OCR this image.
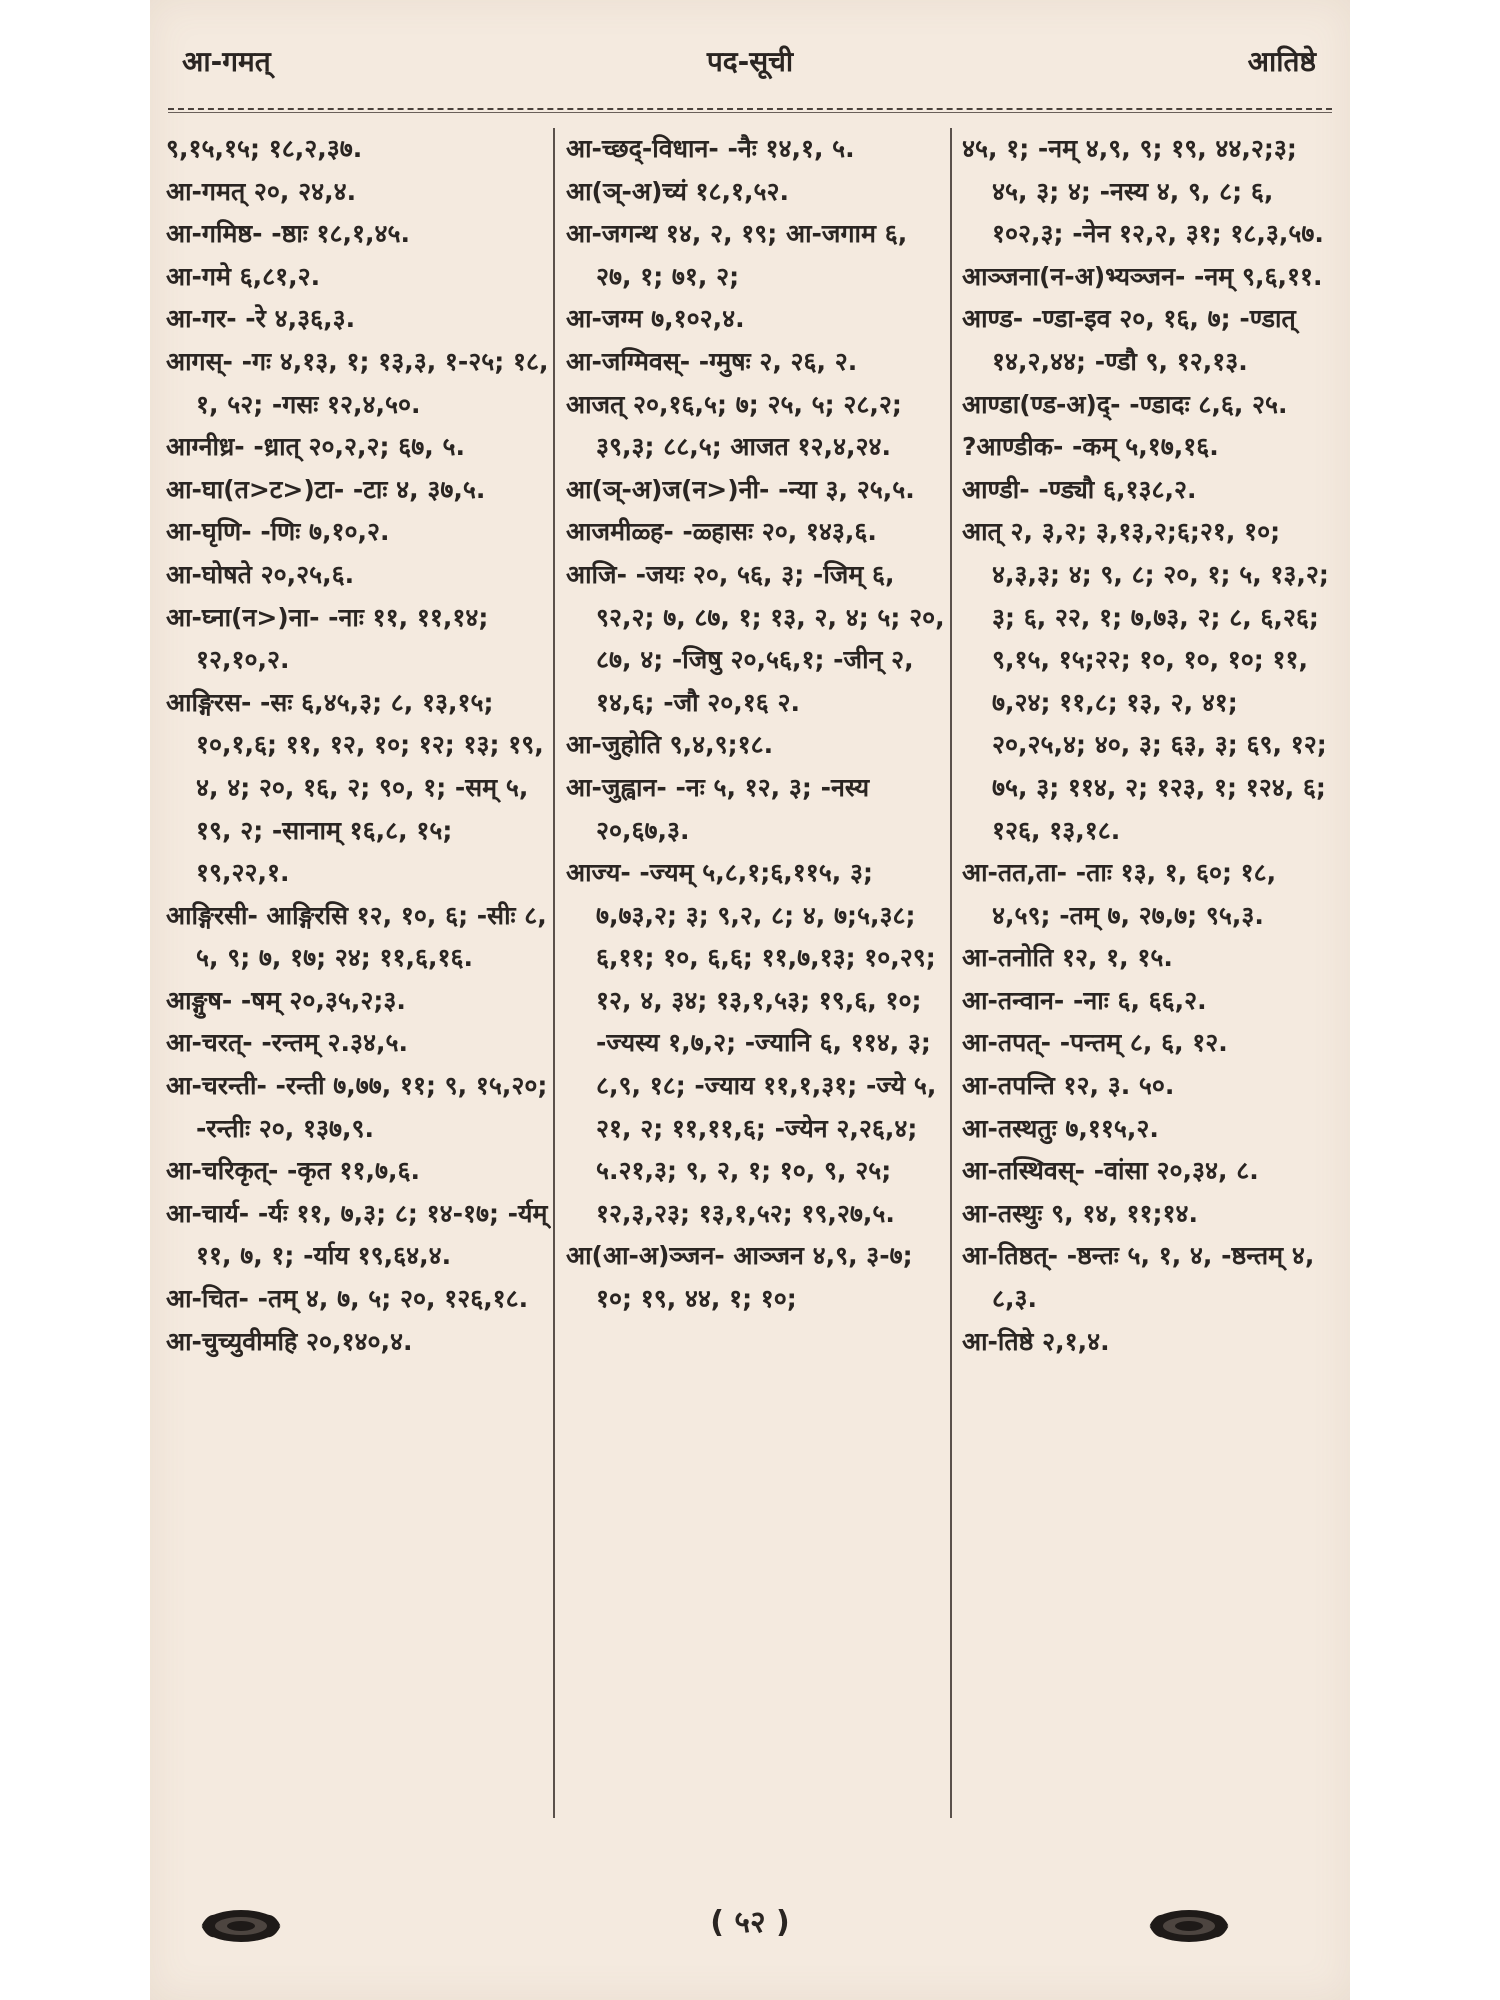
आ-गमत्	पद-सूची	आतिष्ठे

९,१५,१५; १८,२,३७.

आ-गमत् २०, २४,४.

आ-गमिष्ठ- -ष्ठाः १८,१,४५.

आ-गमे ६,८१,२.

आ-गर- -रे ४,३६,३.

आगस्- -गः ४,१३, १; १३,३, १-२५; १८, १, ५२; -गसः १२,४,५०.

आग्नीध्र- -ध्रात् २०,२,२; ६७, ५.

आ-घा(त>ट>)टा- -टाः ४, ३७,५.

आ-घृणि- -णिः ७,१०,२.

आ-घोषते २०,२५,६.

आ-घ्ना(न>)ना- -नाः ११, ११,१४; १२,१०,२.

आङ्गिरस- -सः ६,४५,३; ८, १३,१५; १०,१,६; ११, १२, १०; १२; १३; १९, ४, ४; २०, १६, २; ९०, १; -सम् ५, १९, २; -सानाम् १६,८, १५; १९,२२,१.

आङ्गिरसी- आङ्गिरसि १२, १०, ६; -सीः ८, ५, ९; ७, १७; २४; ११,६,१६.

आङ्गुष- -षम् २०,३५,२;३.

आ-चरत्- -रन्तम् २.३४,५.

आ-चरन्ती- -रन्ती ७,७७, ११; ९, १५,२०; -रन्तीः २०, १३७,९.

आ-चरिकृत्- -कृत ११,७,६.

आ-चार्य- -र्यः ११, ७,३; ८; १४-१७; -र्यम् ११, ७, १; -र्याय १९,६४,४.

आ-चित- -तम् ४, ७, ५; २०, १२६,१८.

आ-चुच्युवीमहि २०,१४०,४.

आ-च्छद्-विधान- -नैः १४,१, ५.

आ(ञ्-अ)च्यं १८,१,५२.

आ-जगन्थ १४, २, १९; आ-जगाम ६, २७, १; ७१, २;

आ-जग्म ७,१०२,४.

आ-जग्मिवस्- -ग्मुषः २, २६, २.

आजत् २०,१६,५; ७; २५, ५; २८,२; ३९,३; ८८,५; आजत १२,४,२४.

आ(ञ्-अ)ज(न>)नी- -न्या ३, २५,५.

आजमीळ्ह- -ळ्हासः २०, १४३,६.

आजि- -जयः २०, ५६, ३; -जिम् ६, ९२,२; ७, ८७, १; १३, २, ४; ५; २०, ८७, ४; -जिषु २०,५६,१; -जीन् २, १४,६; -जौ २०,१६ २.

आ-जुहोति ९,४,९;१८.

आ-जुह्वान- -नः ५, १२, ३; -नस्य २०,६७,३.

आज्य- -ज्यम् ५,८,१;६,११५, ३; ७,७३,२; ३; ९,२, ८; ४, ७;५,३८; ६,११; १०, ६,६; ११,७,१३; १०,२९; १२, ४, ३४; १३,१,५३; १९,६, १०; -ज्यस्य १,७,२; -ज्यानि ६, ११४, ३; ८,९, १८; -ज्याय ११,१,३१; -ज्ये ५, २१, २; ११,११,६; -ज्येन २,२६,४; ५.२१,३; ९, २, १; १०, ९, २५; १२,३,२३; १३,१,५२; १९,२७,५.

आ(आ-अ)ञ्जन- आञ्जन ४,९, ३-७; १०; १९, ४४, १; १०;

४५, १; -नम् ४,९, ९; १९, ४४,२;३; ४५, ३; ४; -नस्य ४, ९, ८; ६, १०२,३; -नेन १२,२, ३१; १८,३,५७.

आञ्जना(न-अ)भ्यञ्जन- -नम् ९,६,११.

आण्ड- -ण्डा-इव २०, १६, ७; -ण्डात् १४,२,४४; -ण्डौ ९, १२,१३.

आण्डा(ण्ड-अ)द्- -ण्डादः ८,६, २५.

?आण्डीक- -कम् ५,१७,१६.

आण्डी- -ण्ड्यौ ६,१३८,२.

आत् २, ३,२; ३,१३,२;६;२१, १०; ४,३,३; ४; ९, ८; २०, १; ५, १३,२; ३; ६, २२, १; ७,७३, २; ८, ६,२६; ९,१५, १५;२२; १०, १०, १०; ११, ७,२४; ११,८; १३, २, ४१; २०,२५,४; ४०, ३; ६३, ३; ६९, १२; ७५, ३; ११४, २; १२३, १; १२४, ६; १२६, १३,१८.

आ-तत,ता- -ताः १३, १, ६०; १८, ४,५९; -तम् ७, २७,७; ९५,३.

आ-तनोति १२, १, १५.

आ-तन्वान- -नाः ६, ६६,२.

आ-तपत्- -पन्तम् ८, ६, १२.

आ-तपन्ति १२, ३. ५०.

आ-तस्थतुः ७,११५,२.

आ-तस्थिवस्- -वांसा २०,३४, ८.

आ-तस्थुः ९, १४, ११;१४.

आ-तिष्ठत्- -ष्ठन्तः ५, १, ४, -ष्ठन्तम् ४, ८,३.

आ-तिष्ठे २,१,४.

( ५२ )
